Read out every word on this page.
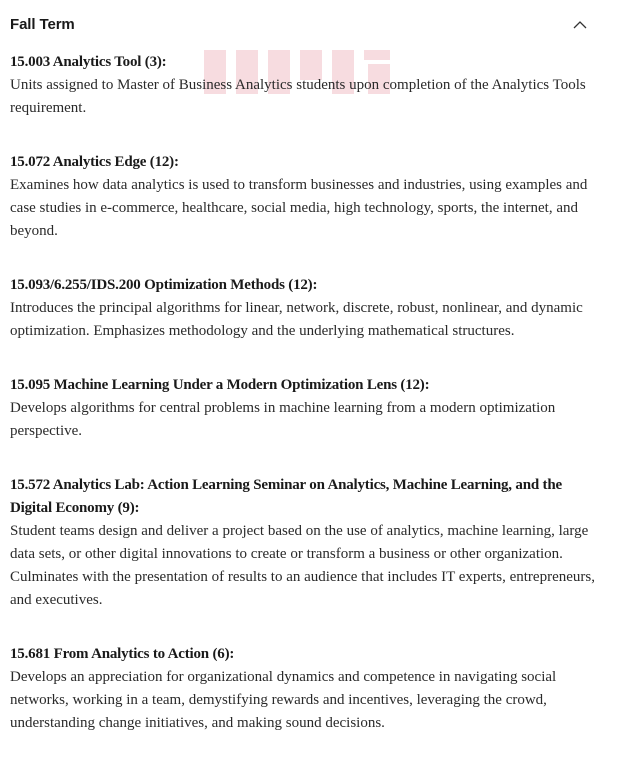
Fall Term

15.003 Analytics Tool (3):

Units assigned to Master of Business Analytics students upon completion of the Analytics Tools requirement.

15.072 Analytics Edge (12):

Examines how data analytics is used to transform businesses and industries, using examples and case studies in e-commerce, healthcare, social media, high technology, sports, the internet, and beyond.

15.093/6.255/IDS.200 Optimization Methods (12):

Introduces the principal algorithms for linear, network, discrete, robust, nonlinear, and dynamic optimization. Emphasizes methodology and the underlying mathematical structures.

15.095 Machine Learning Under a Modern Optimization Lens (12):

Develops algorithms for central problems in machine learning from a modern optimization perspective.

15.572 Analytics Lab: Action Learning Seminar on Analytics, Machine Learning, and the Digital Economy (9):

Student teams design and deliver a project based on the use of analytics, machine learning, large data sets, or other digital innovations to create or transform a business or other organization. Culminates with the presentation of results to an audience that includes IT experts, entrepreneurs, and executives.

15.681 From Analytics to Action (6):

Develops an appreciation for organizational dynamics and competence in navigating social networks, working in a team, demystifying rewards and incentives, leveraging the crowd, understanding change initiatives, and making sound decisions.
